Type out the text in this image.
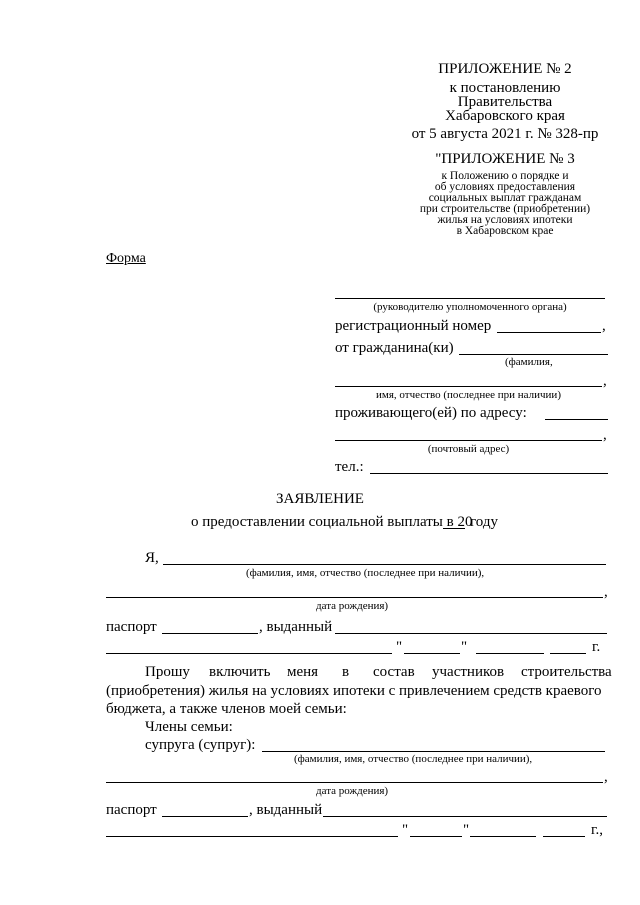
ПРИЛОЖЕНИЕ № 2
к постановлению
Правительства
Хабаровского края
от 5 августа 2021 г. № 328-пр
"ПРИЛОЖЕНИЕ № 3
к Положению о порядке и
об условиях предоставления
социальных выплат гражданам
при строительстве (приобретении)
жилья на условиях ипотеки
в Хабаровском крае
Форма
(руководителю уполномоченного органа)
регистрационный номер	,
от гражданина(ки)
(фамилия,
,
имя, отчество (последнее при наличии)
проживающего(ей) по адресу:
,
(почтовый адрес)
тел.:
ЗАЯВЛЕНИЕ
о предоставлении социальной выплаты в 20
году
Я,
(фамилия, имя, отчество (последнее при наличии),
,
дата рождения)
паспорт	, выданный
"	"	г.
Прошу включить меня в состав участников строительства
(приобретения) жилья на условиях ипотеки с привлечением средств краевого
бюджета, а также членов моей семьи:
Члены семьи:
супруга (супруг):
(фамилия, имя, отчество (последнее при наличии),
,
дата рождения)
паспорт	, выданный
"	"	г.,
